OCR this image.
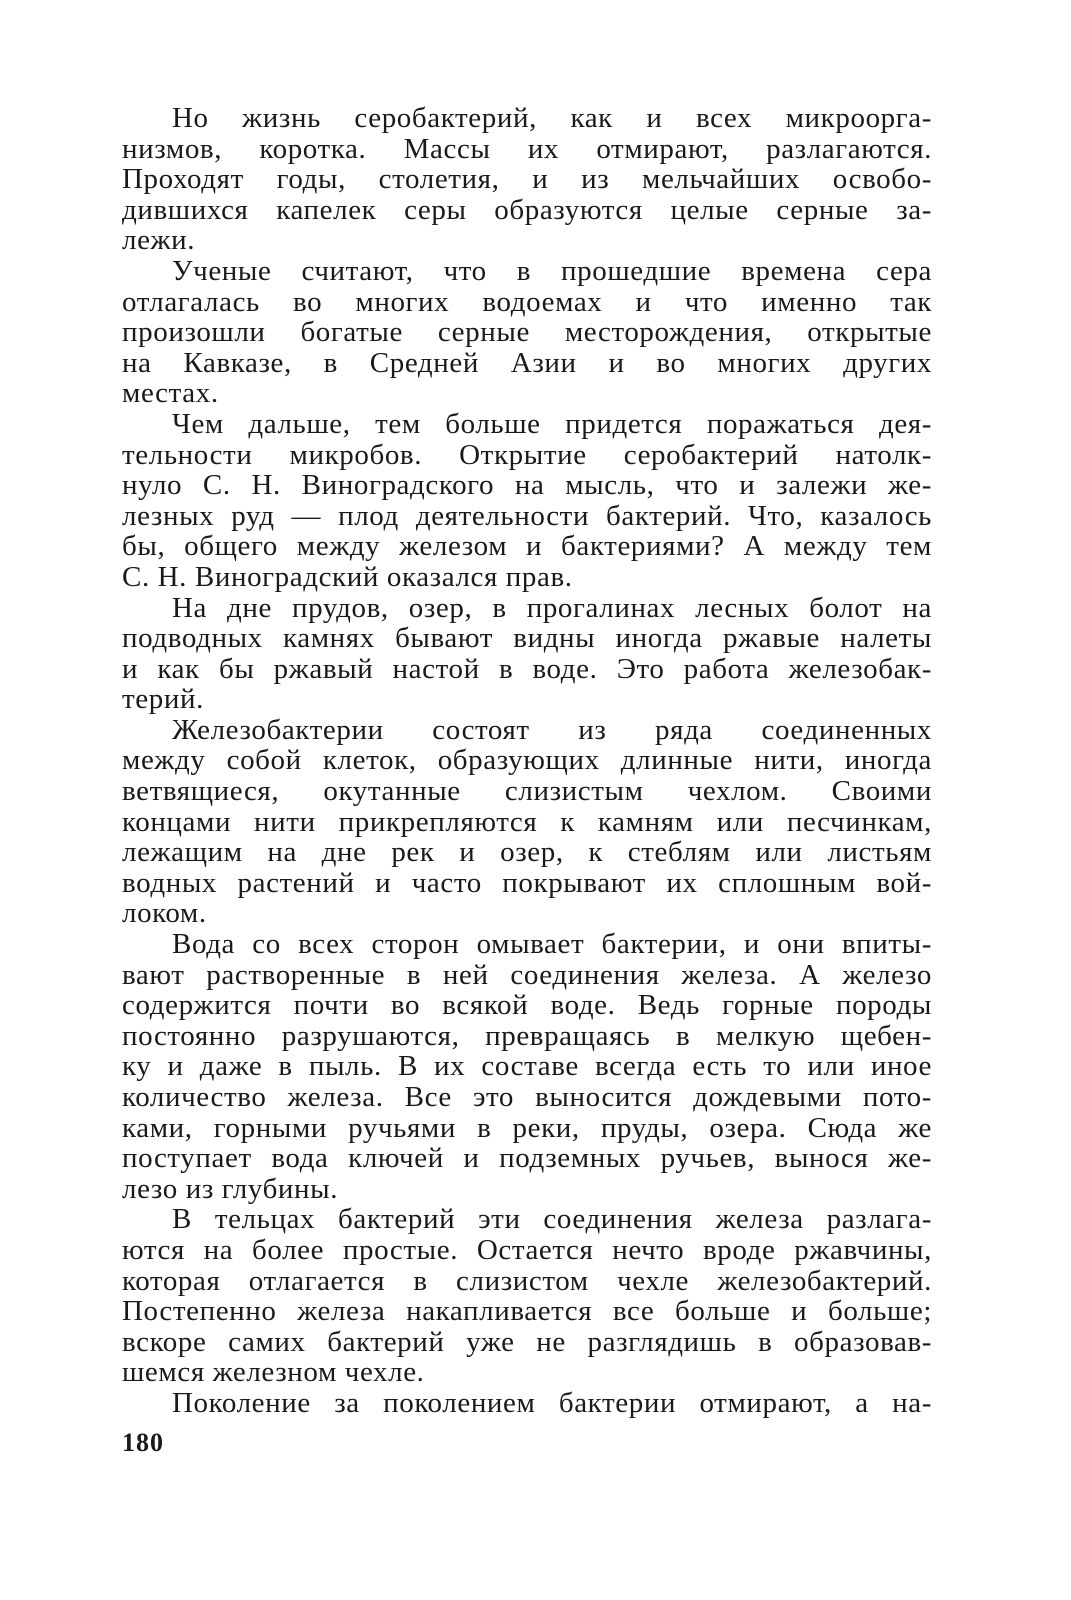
Но жизнь серобактерий, как и всех микроорга-
низмов, коротка. Массы их отмирают, разлагаются.
Проходят годы, столетия, и из мельчайших освобо-
дившихся капелек серы образуются целые серные за-
лежи.
Ученые считают, что в прошедшие времена сера
отлагалась во многих водоемах и что именно так
произошли богатые серные месторождения, открытые
на Кавказе, в Средней Азии и во многих других
местах.
Чем дальше, тем больше придется поражаться дея-
тельности микробов. Открытие серобактерий натолк-
нуло С. Н. Виноградского на мысль, что и залежи же-
лезных руд — плод деятельности бактерий. Что, казалось
бы, общего между железом и бактериями? А между тем
С. Н. Виноградский оказался прав.
На дне прудов, озер, в прогалинах лесных болот на
подводных камнях бывают видны иногда ржавые налеты
и как бы ржавый настой в воде. Это работа железобак-
терий.
Железобактерии состоят из ряда соединенных
между собой клеток, образующих длинные нити, иногда
ветвящиеся, окутанные слизистым чехлом. Своими
концами нити прикрепляются к камням или песчинкам,
лежащим на дне рек и озер, к стеблям или листьям
водных растений и часто покрывают их сплошным вой-
локом.
Вода со всех сторон омывает бактерии, и они впиты-
вают растворенные в ней соединения железа. А железо
содержится почти во всякой воде. Ведь горные породы
постоянно разрушаются, превращаясь в мелкую щебен-
ку и даже в пыль. В их составе всегда есть то или иное
количество железа. Все это выносится дождевыми пото-
ками, горными ручьями в реки, пруды, озера. Сюда же
поступает вода ключей и подземных ручьев, вынося же-
лезо из глубины.
В тельцах бактерий эти соединения железа разлага-
ются на более простые. Остается нечто вроде ржавчины,
которая отлагается в слизистом чехле железобактерий.
Постепенно железа накапливается все больше и больше;
вскоре самих бактерий уже не разглядишь в образовав-
шемся железном чехле.
Поколение за поколением бактерии отмирают, а на-
180
